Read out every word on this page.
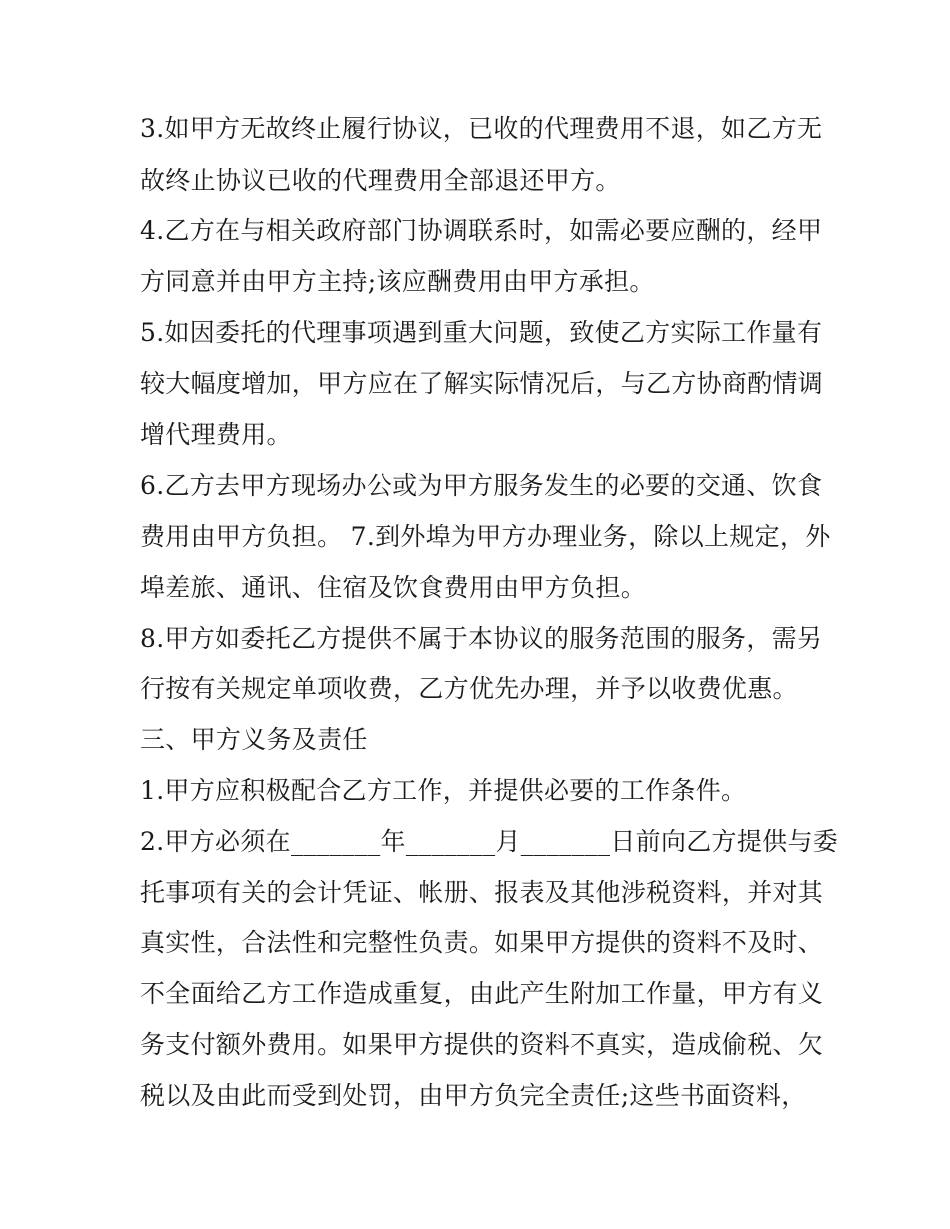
3.如甲方无故终止履行协议，已收的代理费用不退，如乙方无
故终止协议已收的代理费用全部退还甲方。
4.乙方在与相关政府部门协调联系时，如需必要应酬的，经甲
方同意并由甲方主持;该应酬费用由甲方承担。
5.如因委托的代理事项遇到重大问题，致使乙方实际工作量有
较大幅度增加，甲方应在了解实际情况后，与乙方协商酌情调
增代理费用。
6.乙方去甲方现场办公或为甲方服务发生的必要的交通、饮食
费用由甲方负担。 7.到外埠为甲方办理业务，除以上规定，外
埠差旅、通讯、住宿及饮食费用由甲方负担。
8.甲方如委托乙方提供不属于本协议的服务范围的服务，需另
行按有关规定单项收费，乙方优先办理，并予以收费优惠。
三、甲方义务及责任
1.甲方应积极配合乙方工作，并提供必要的工作条件。
2.甲方必须在_______年_______月_______日前向乙方提供与委
托事项有关的会计凭证、帐册、报表及其他涉税资料，并对其
真实性，合法性和完整性负责。如果甲方提供的资料不及时、
不全面给乙方工作造成重复，由此产生附加工作量，甲方有义
务支付额外费用。如果甲方提供的资料不真实，造成偷税、欠
税以及由此而受到处罚，由甲方负完全责任;这些书面资料，
